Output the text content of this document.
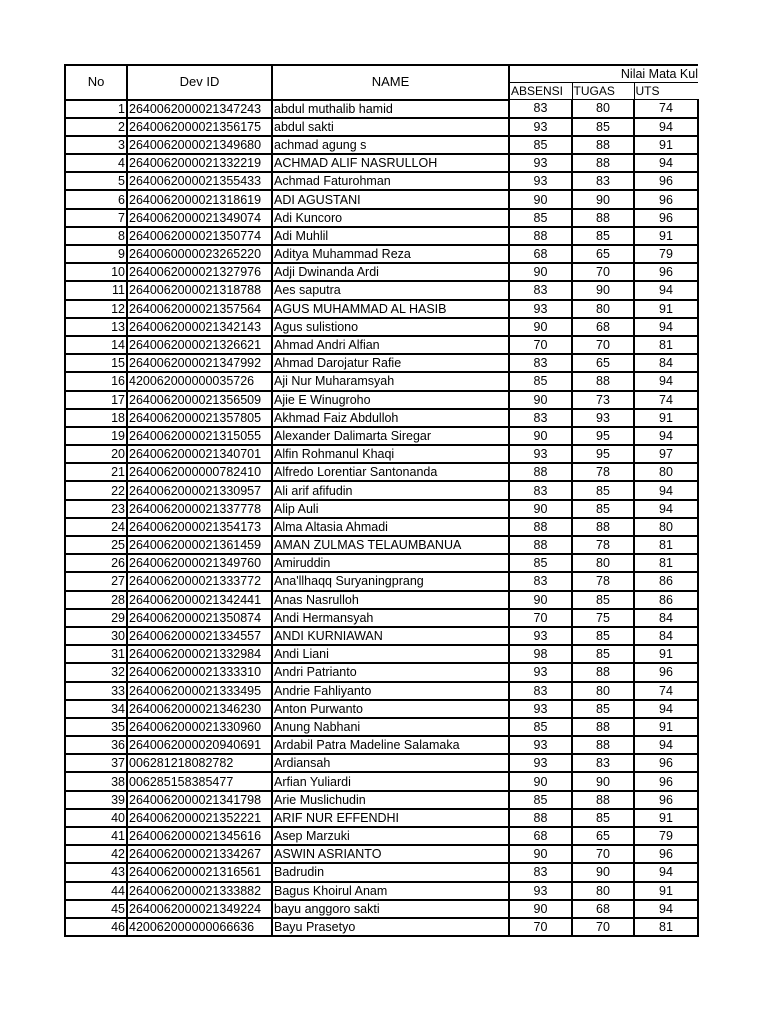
No	Dev ID	NAME	Nilai Mata Kul		
			ABSENSI	TUGAS	UTS
1	2640062000021347243	abdul muthalib hamid	83	80	74
2	2640062000021356175	abdul sakti	93	85	94
3	2640062000021349680	achmad agung s	85	88	91
4	2640062000021332219	ACHMAD ALIF NASRULLOH	93	88	94
5	2640062000021355433	Achmad Faturohman	93	83	96
6	2640062000021318619	ADI AGUSTANI	90	90	96
7	2640062000021349074	Adi Kuncoro	85	88	96
8	2640062000021350774	Adi Muhlil	88	85	91
9	2640060000023265220	Aditya Muhammad Reza	68	65	79
10	2640062000021327976	Adji Dwinanda Ardi	90	70	96
11	2640062000021318788	Aes saputra	83	90	94
12	2640062000021357564	AGUS MUHAMMAD AL HASIB	93	80	91
13	2640062000021342143	Agus sulistiono	90	68	94
14	2640062000021326621	Ahmad Andri Alfian	70	70	81
15	2640062000021347992	Ahmad Darojatur Rafie	83	65	84
16	420062000000035726	Aji Nur Muharamsyah	85	88	94
17	2640062000021356509	Ajie E Winugroho	90	73	74
18	2640062000021357805	Akhmad Faiz Abdulloh	83	93	91
19	2640062000021315055	Alexander Dalimarta Siregar	90	95	94
20	2640062000021340701	Alfin Rohmanul Khaqi	93	95	97
21	2640062000000782410	Alfredo Lorentiar Santonanda	88	78	80
22	2640062000021330957	Ali arif afifudin	83	85	94
23	2640062000021337778	Alip Auli	90	85	94
24	2640062000021354173	Alma Altasia Ahmadi	88	88	80
25	2640062000021361459	AMAN ZULMAS TELAUMBANUA	88	78	81
26	2640062000021349760	Amiruddin	85	80	81
27	2640062000021333772	Ana'llhaqq Suryaningprang	83	78	86
28	2640062000021342441	Anas Nasrulloh	90	85	86
29	2640062000021350874	Andi Hermansyah	70	75	84
30	2640062000021334557	ANDI KURNIAWAN	93	85	84
31	2640062000021332984	Andi Liani	98	85	91
32	2640062000021333310	Andri Patrianto	93	88	96
33	2640062000021333495	Andrie Fahliyanto	83	80	74
34	2640062000021346230	Anton Purwanto	93	85	94
35	2640062000021330960	Anung Nabhani	85	88	91
36	2640062000020940691	Ardabil Patra Madeline Salamaka	93	88	94
37	006281218082782	Ardiansah	93	83	96
38	006285158385477	Arfian Yuliardi	90	90	96
39	2640062000021341798	Arie Muslichudin	85	88	96
40	2640062000021352221	ARIF NUR EFFENDHI	88	85	91
41	2640062000021345616	Asep Marzuki	68	65	79
42	2640062000021334267	ASWIN ASRIANTO	90	70	96
43	2640062000021316561	Badrudin	83	90	94
44	2640062000021333882	Bagus Khoirul Anam	93	80	91
45	2640062000021349224	bayu anggoro sakti	90	68	94
46	420062000000066636	Bayu Prasetyo	70	70	81
